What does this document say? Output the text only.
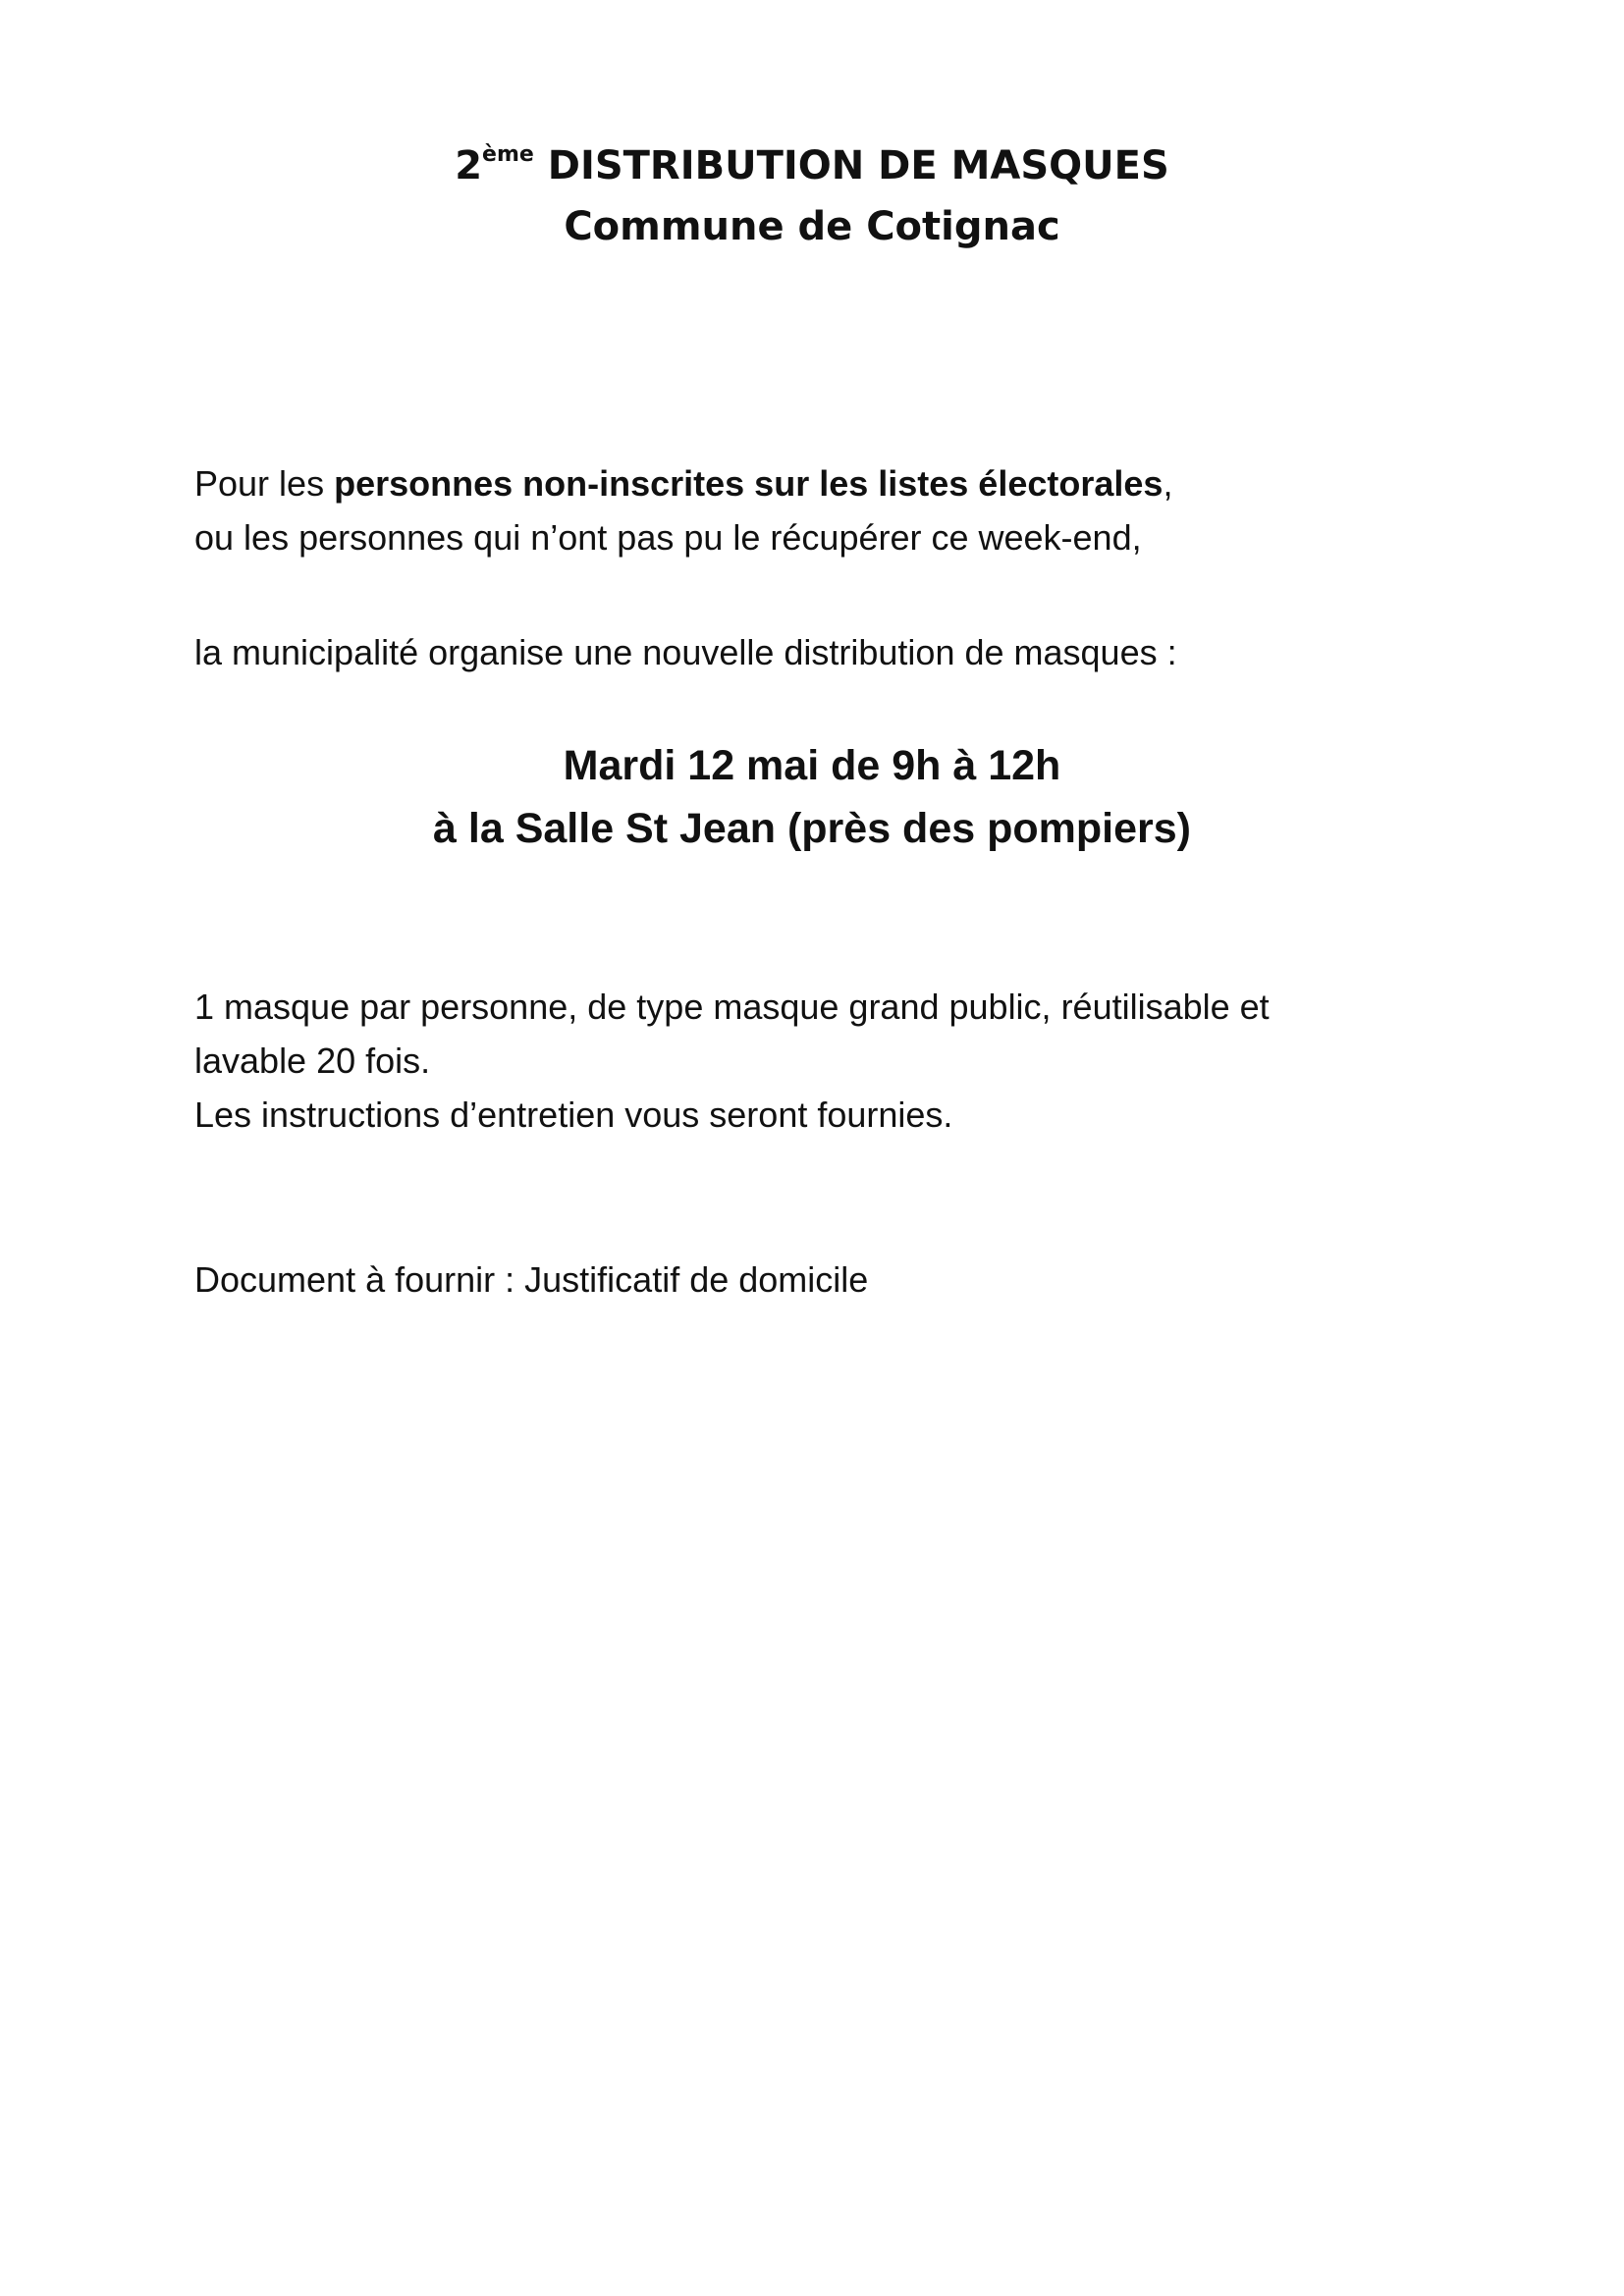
2ème DISTRIBUTION DE MASQUES
Commune de Cotignac
Pour les personnes non-inscrites sur les listes électorales,
ou les personnes qui n’ont pas pu le récupérer ce week-end,
la municipalité organise une nouvelle distribution de masques :
Mardi 12 mai de 9h à 12h
à la Salle St Jean (près des pompiers)
1 masque par personne, de type masque grand public, réutilisable et
lavable 20 fois.
Les instructions d’entretien vous seront fournies.
Document à fournir : Justificatif de domicile
